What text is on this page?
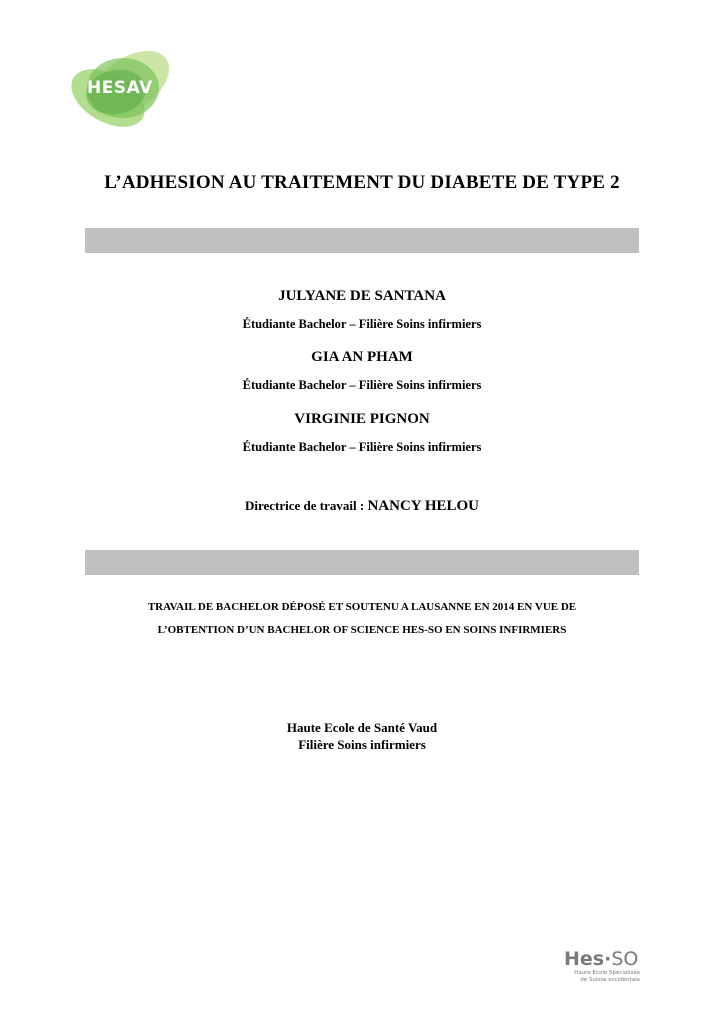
HESAV
L’ADHESION AU TRAITEMENT DU DIABETE DE TYPE 2
JULYANE DE SANTANA
Étudiante Bachelor – Filière Soins infirmiers
GIA AN PHAM
Étudiante Bachelor – Filière Soins infirmiers
VIRGINIE PIGNON
Étudiante Bachelor – Filière Soins infirmiers
Directrice de travail : NANCY HELOU
TRAVAIL DE BACHELOR DÉPOSÉ ET SOUTENU A LAUSANNE EN 2014 EN VUE DE
L’OBTENTION D’UN BACHELOR OF SCIENCE HES-SO EN SOINS INFIRMIERS
Haute Ecole de Santé Vaud
Filière Soins infirmiers
Hes·SO
Haute Ecole Spécialisée
de Suisse occidentale
